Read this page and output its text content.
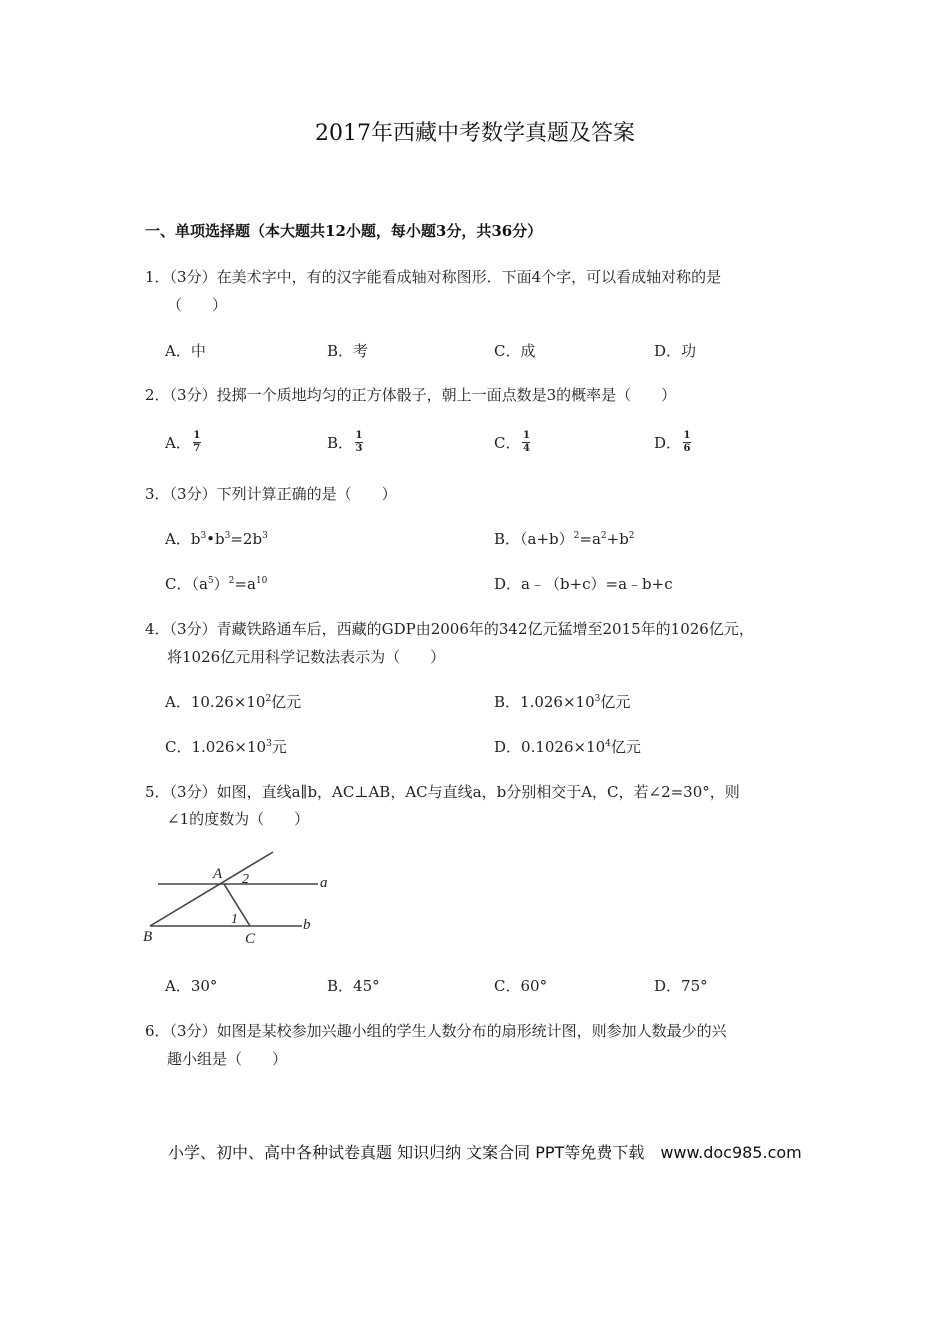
2017年西藏中考数学真题及答案
一、单项选择题（本大题共12小题，每小题3分，共36分）
1．（3分）在美术字中，有的汉字能看成轴对称图形．下面4个字，可以看成轴对称的是
（　　）
A．中	B．考	C．成	D．功
2．（3分）投掷一个质地均匀的正方体骰子，朝上一面点数是3的概率是（　　）
A． $\frac{1}{7}$	B． $\frac{1}{3}$	C． $\frac{1}{4}$	D． $\frac{1}{6}$
3．（3分）下列计算正确的是（　　）
A．$b^3•b^3=2b^3$	B．$(a+b)^2=a^2+b^2$
C．$(a^5)^2=a^{10}$	D．a﹣（b+c）=a﹣b+c
4．（3分）青藏铁路通车后，西藏的GDP由2006年的342亿元猛增至2015年的1026亿元，
将1026亿元用科学记数法表示为（　　）
A．$10.26\times 10^2$亿元	B．$1.026\times 10^3$亿元
C．$1.026\times 10^3$元	D．$0.1026\times 10^4$亿元
5．（3分）如图，直线a∥b，AC⊥AB，AC与直线a，b分别相交于A，C，若∠2=30°，则
∠1的度数为（　　）
A 2	a
1	b
B	C
A．30°	B．45°	C．60°	D．75°
6．（3分）如图是某校参加兴趣小组的学生人数分布的扇形统计图，则参加人数最少的兴
趣小组是（　　）
小学、初中、高中各种试卷真题 知识归纳 文案合同 PPT等免费下载　www.doc985.com
